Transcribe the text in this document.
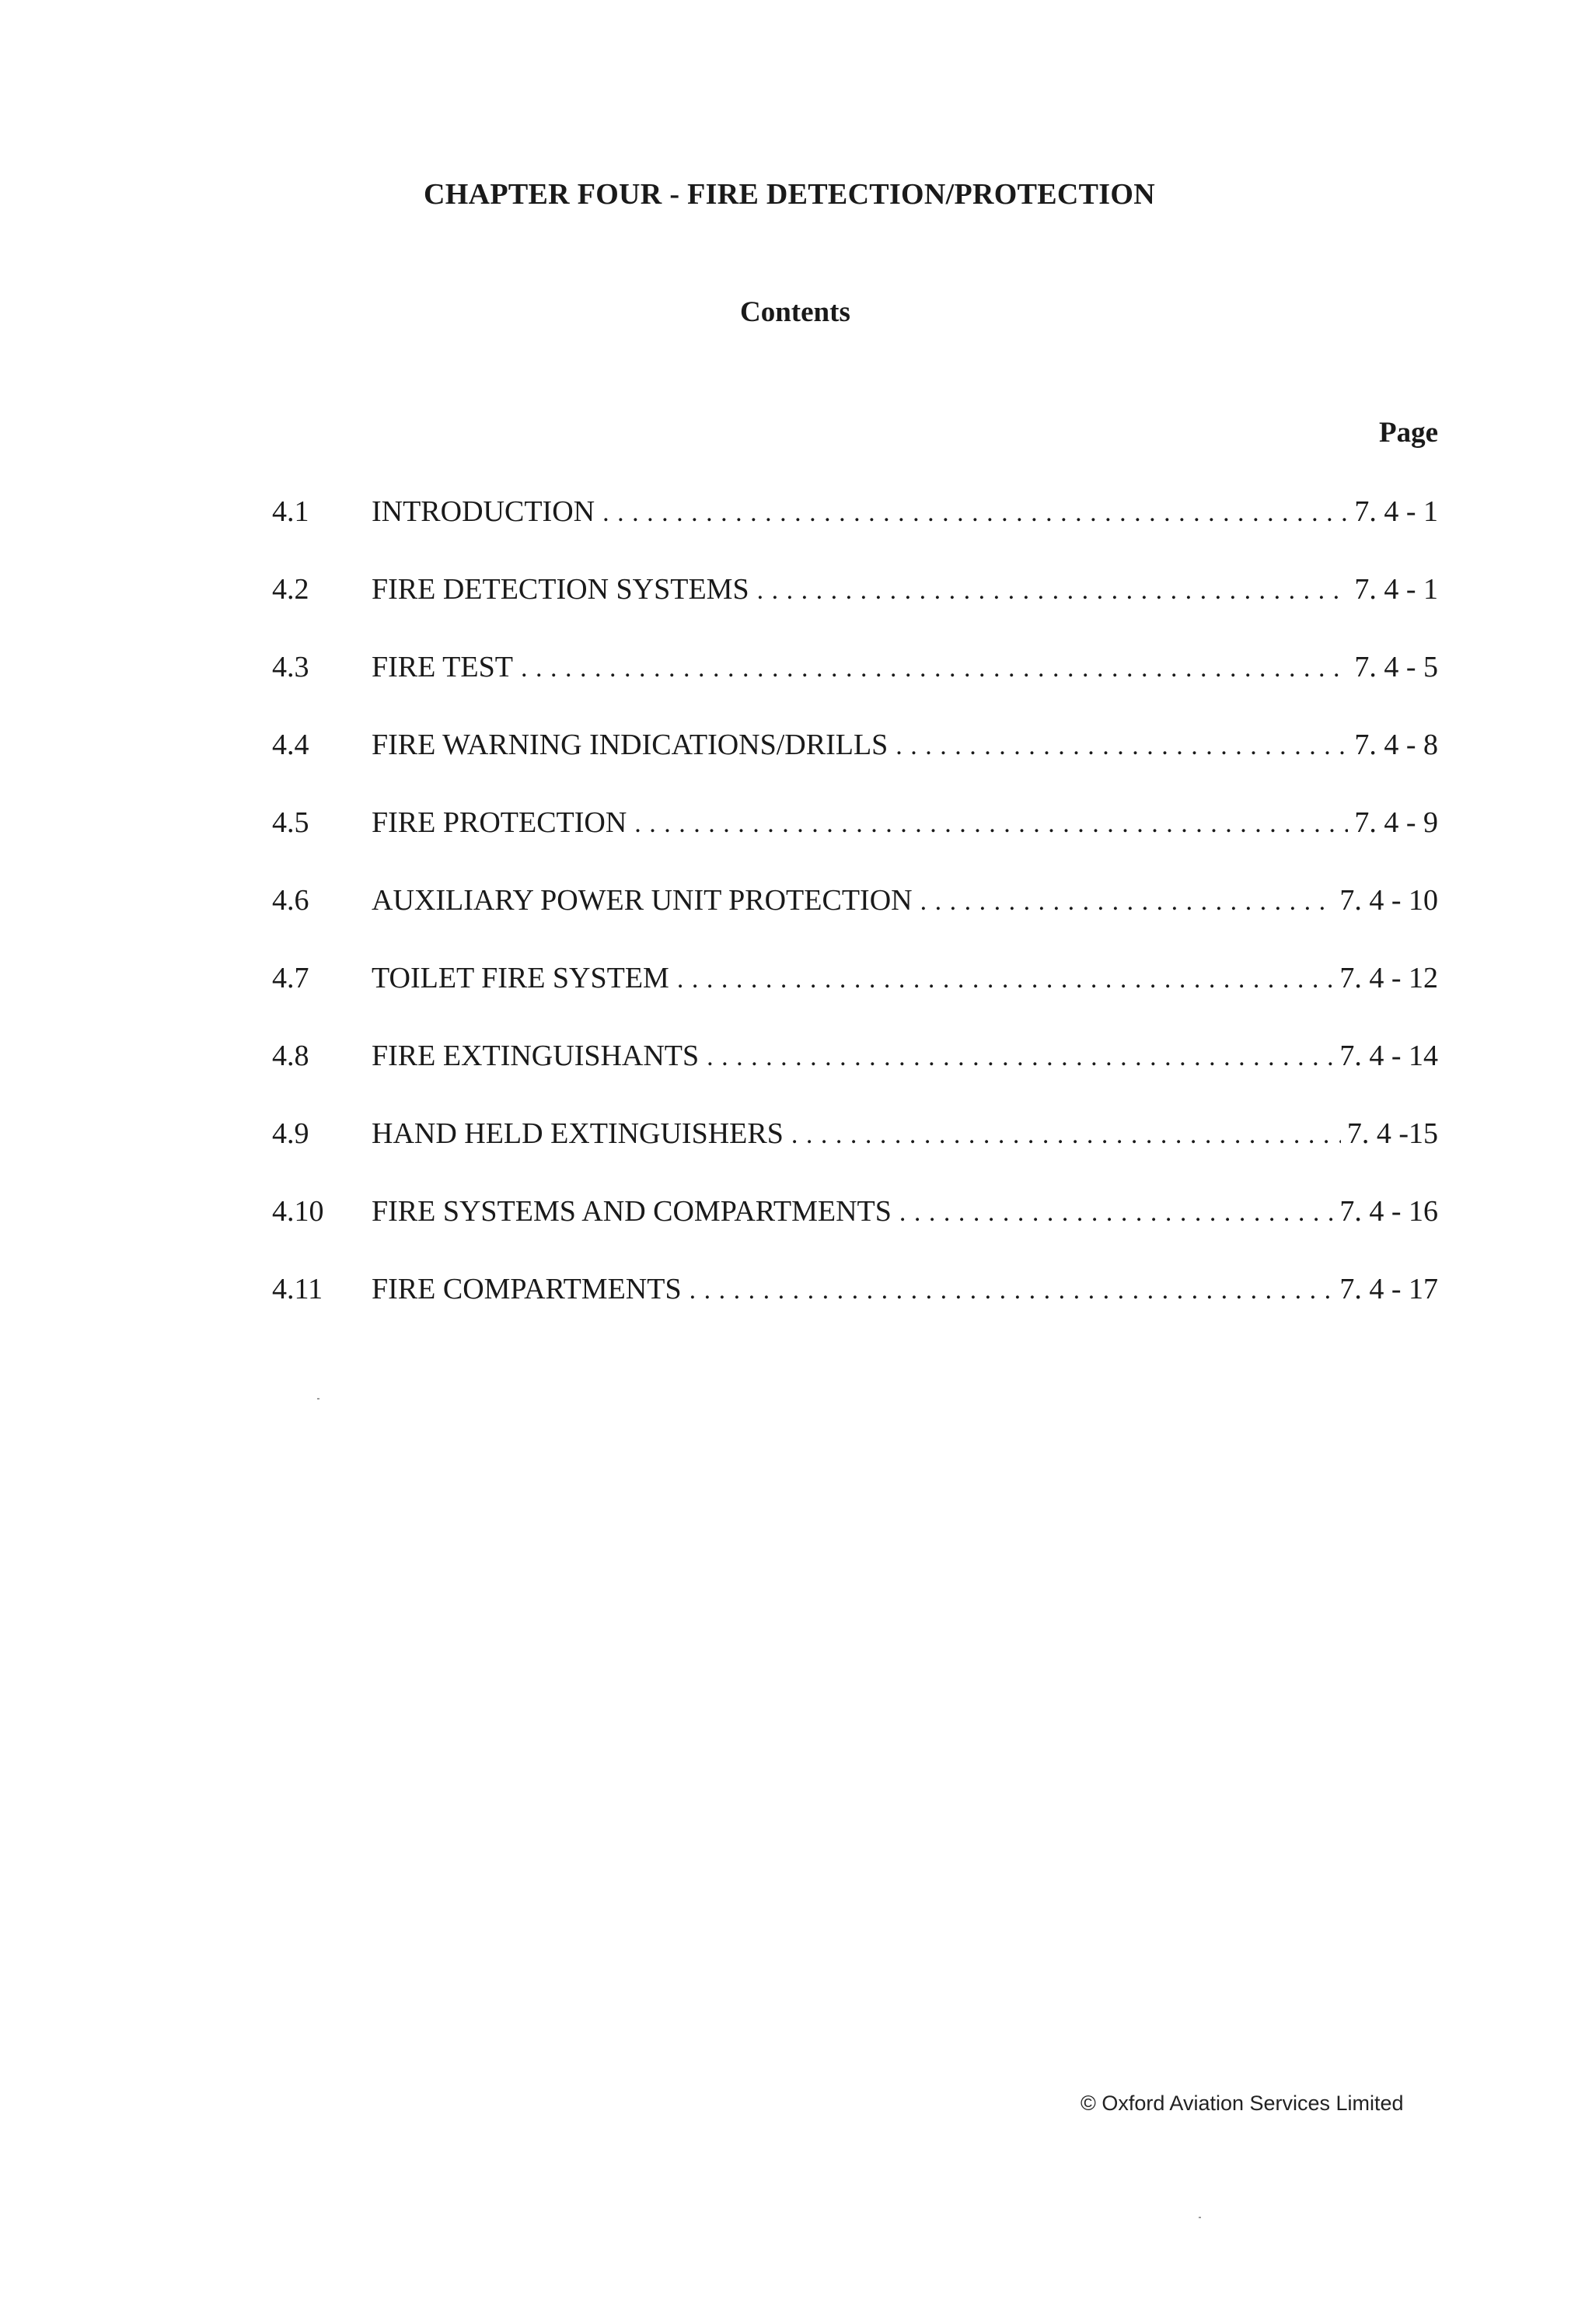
CHAPTER FOUR - FIRE DETECTION/PROTECTION
Contents
Page
4.1	INTRODUCTION . . .	7. 4 - 1
4.2	FIRE DETECTION SYSTEMS . . .	7. 4 - 1
4.3	FIRE TEST . . .	7. 4 - 5
4.4	FIRE WARNING INDICATIONS/DRILLS . . .	7. 4 - 8
4.5	FIRE PROTECTION . . .	7. 4 - 9
4.6	AUXILIARY POWER UNIT PROTECTION . . .	7. 4 - 10
4.7	TOILET FIRE SYSTEM . . .	7. 4 - 12
4.8	FIRE EXTINGUISHANTS . . .	7. 4 - 14
4.9	HAND HELD EXTINGUISHERS . . .	7. 4 -15
4.10	FIRE SYSTEMS AND COMPARTMENTS . . .	7. 4 - 16
4.11	FIRE COMPARTMENTS . . .	7. 4 - 17
© Oxford Aviation Services Limited
